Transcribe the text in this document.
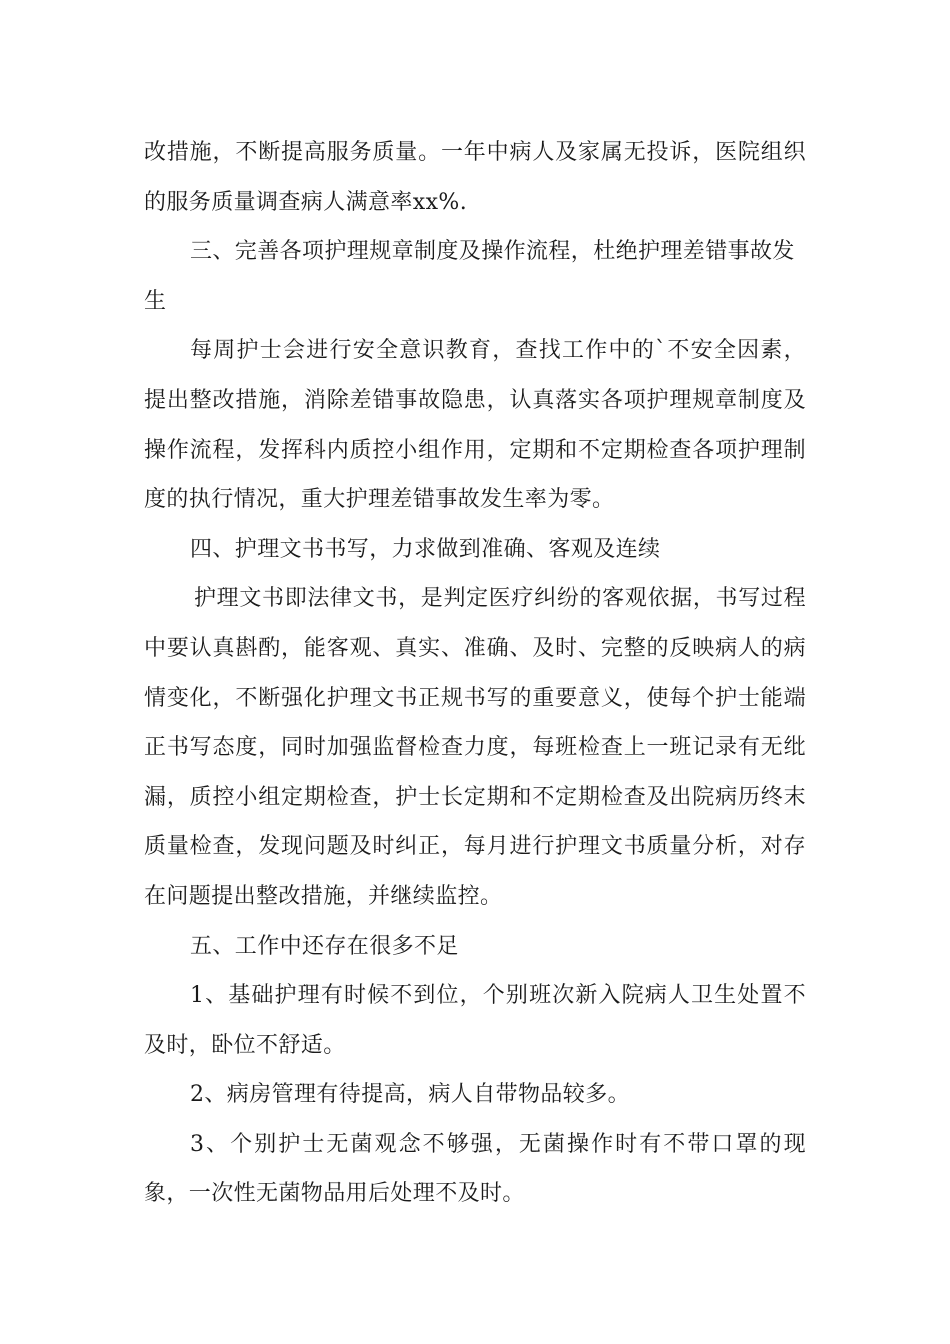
改措施，不断提高服务质量。一年中病人及家属无投诉，医院组织的服务质量调查病人满意率xx%.

三、完善各项护理规章制度及操作流程，杜绝护理差错事故发生

每周护士会进行安全意识教育，查找工作中的`不安全因素，提出整改措施，消除差错事故隐患，认真落实各项护理规章制度及操作流程，发挥科内质控小组作用，定期和不定期检查各项护理制度的执行情况，重大护理差错事故发生率为零。

四、护理文书书写，力求做到准确、客观及连续

护理文书即法律文书，是判定医疗纠纷的客观依据，书写过程中要认真斟酌，能客观、真实、准确、及时、完整的反映病人的病情变化，不断强化护理文书正规书写的重要意义，使每个护士能端正书写态度，同时加强监督检查力度，每班检查上一班记录有无纰漏，质控小组定期检查，护士长定期和不定期检查及出院病历终末质量检查，发现问题及时纠正，每月进行护理文书质量分析，对存在问题提出整改措施，并继续监控。

五、工作中还存在很多不足

1、基础护理有时候不到位，个别班次新入院病人卫生处置不及时，卧位不舒适。

2、病房管理有待提高，病人自带物品较多。

3、个别护士无菌观念不够强，无菌操作时有不带口罩的现象，一次性无菌物品用后处理不及时。
